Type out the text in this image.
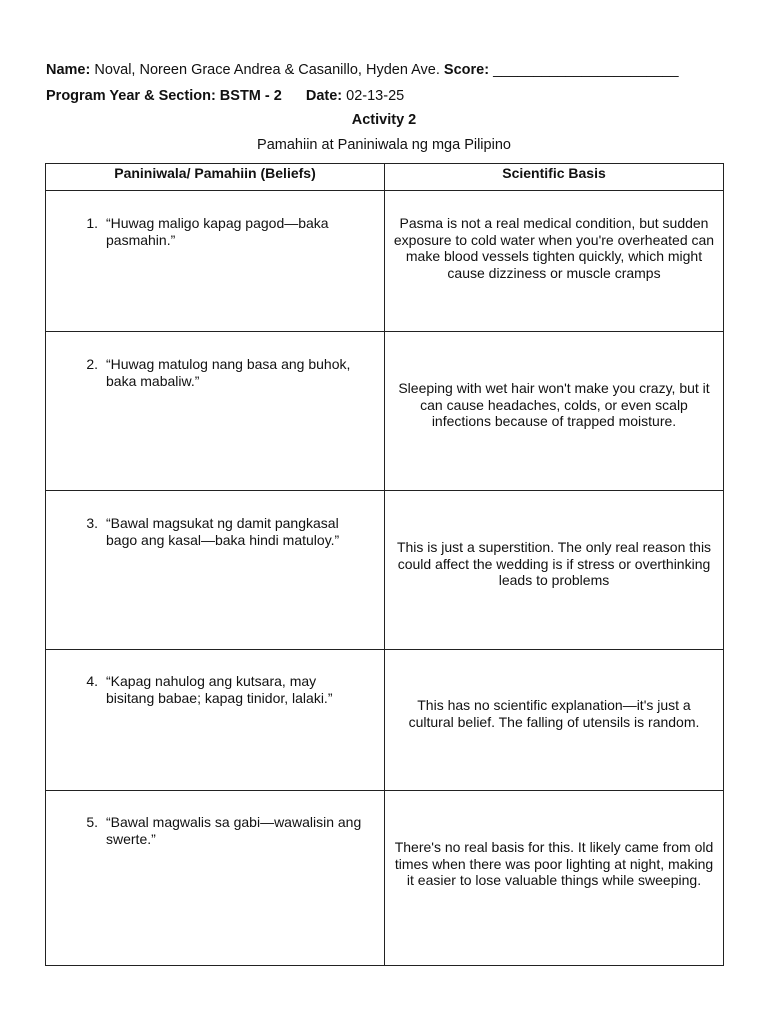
Name: Noval, Noreen Grace Andrea & Casanillo, Hyden Ave. Score: _______________________
Program Year & Section: BSTM - 2 Date: 02-13-25
Activity 2
Pamahiin at Paniniwala ng mga Pilipino
Paniniwala/ Pamahiin (Beliefs)	Scientific Basis

1. “Huwag maligo kapag pagod—baka pasmahin.”	Pasma is not a real medical condition, but sudden exposure to cold water when you're overheated can make blood vessels tighten quickly, which might cause dizziness or muscle cramps

2. “Huwag matulog nang basa ang buhok, baka mabaliw.”	Sleeping with wet hair won't make you crazy, but it can cause headaches, colds, or even scalp infections because of trapped moisture.

3. “Bawal magsukat ng damit pangkasal bago ang kasal—baka hindi matuloy.”	This is just a superstition. The only real reason this could affect the wedding is if stress or overthinking leads to problems

4. “Kapag nahulog ang kutsara, may bisitang babae; kapag tinidor, lalaki.”	This has no scientific explanation—it's just a cultural belief. The falling of utensils is random.

5. “Bawal magwalis sa gabi—wawalisin ang swerte.”	There's no real basis for this. It likely came from old times when there was poor lighting at night, making it easier to lose valuable things while sweeping.
